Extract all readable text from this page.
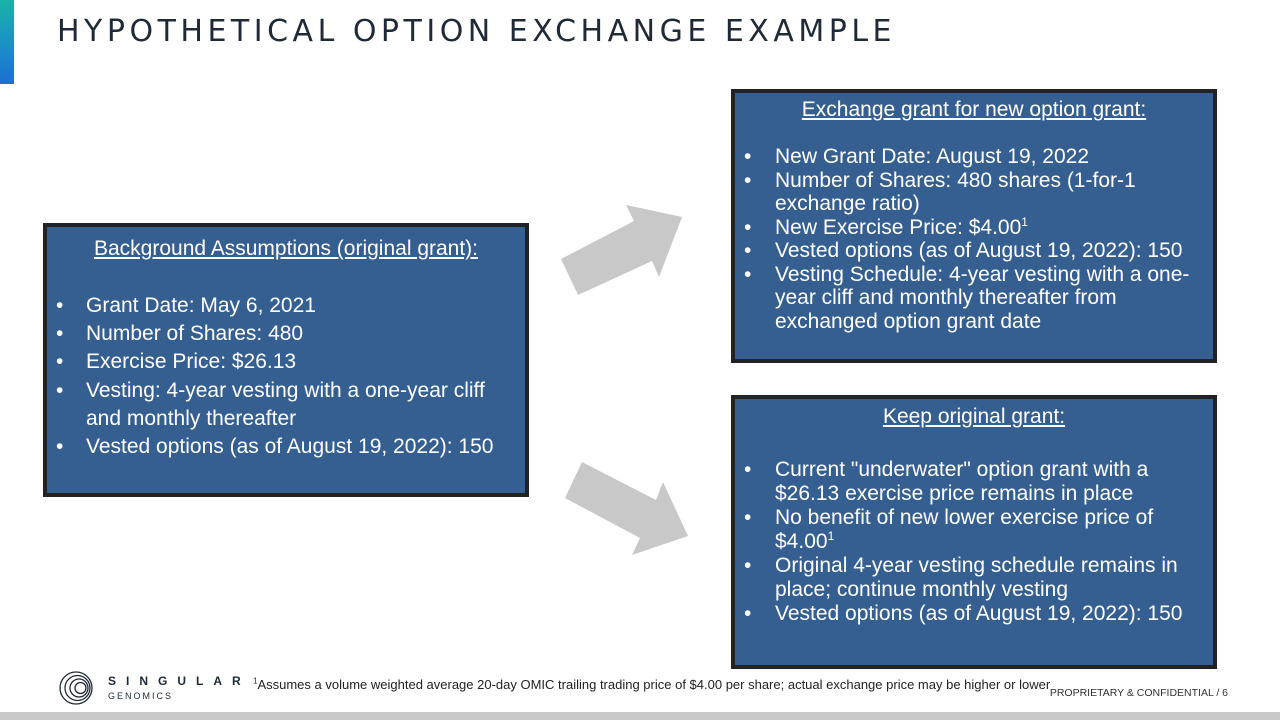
HYPOTHETICAL OPTION EXCHANGE EXAMPLE
Background Assumptions (original grant):
• Grant Date: May 6, 2021
• Number of Shares: 480
• Exercise Price: $26.13
• Vesting: 4-year vesting with a one-year cliff and monthly thereafter
• Vested options (as of August 19, 2022): 150
Exchange grant for new option grant:
• New Grant Date: August 19, 2022
• Number of Shares: 480 shares (1-for-1 exchange ratio)
• New Exercise Price: $4.00$^1$
• Vested options (as of August 19, 2022): 150
• Vesting Schedule: 4-year vesting with a one-year cliff and monthly thereafter from exchanged option grant date
Keep original grant:
• Current "underwater" option grant with a $26.13 exercise price remains in place
• No benefit of new lower exercise price of $4.00$^1$
• Original 4-year vesting schedule remains in place; continue monthly vesting
• Vested options (as of August 19, 2022): 150
SINGULAR
GENOMICS
$^1$Assumes a volume weighted average 20-day OMIC trailing trading price of $4.00 per share; actual exchange price may be higher or lower
PROPRIETARY & CONFIDENTIAL / 6
